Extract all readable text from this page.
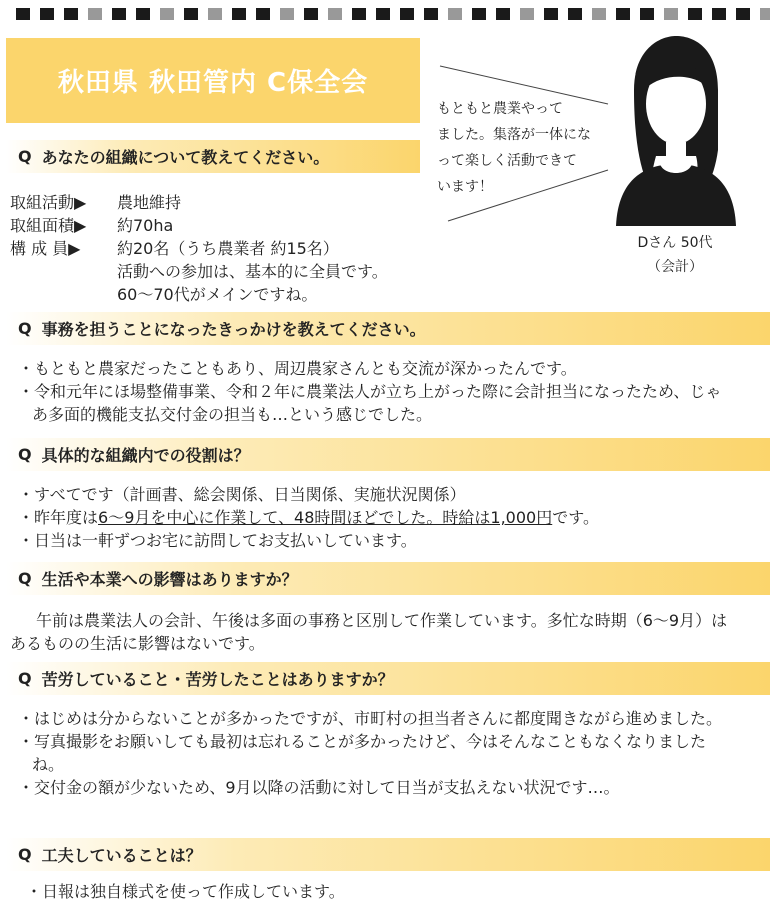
秋田県 秋田管内 C保全会
もともと農業やって
ました。集落が一体にな
って楽しく活動できて
います！
Dさん 50代
（会計）
Q あなたの組織について教えてください。
取組活動▶	農地維持
取組面積▶	約70ha
構 成 員▶	約20名（うち農業者 約15名）
活動への参加は、基本的に全員です。
60～70代がメインですね。
Q 事務を担うことになったきっかけを教えてください。

・もともと農家だったこともあり、周辺農家さんとも交流が深かったんです。

・令和元年にほ場整備事業、令和２年に農業法人が立ち上がった際に会計担当になったため、じゃあ多面的機能支払交付金の担当も…という感じでした。

Q 具体的な組織内での役割は？

・すべてです（計画書、総会関係、日当関係、実施状況関係）

・昨年度は6～9月を中心に作業して、48時間ほどでした。時給は1,000円です。

・日当は一軒ずつお宅に訪問してお支払いしています。

Q 生活や本業への影響はありますか？

午前は農業法人の会計、午後は多面の事務と区別して作業しています。多忙な時期（6～9月）はあるものの生活に影響はないです。

Q 苦労していること・苦労したことはありますか？

・はじめは分からないことが多かったですが、市町村の担当者さんに都度聞きながら進めました。

・写真撮影をお願いしても最初は忘れることが多かったけど、今はそんなこともなくなりましたね。

・交付金の額が少ないため、9月以降の活動に対して日当が支払えない状況です…。

Q 工夫していることは？

・日報は独自様式を使って作成しています。
